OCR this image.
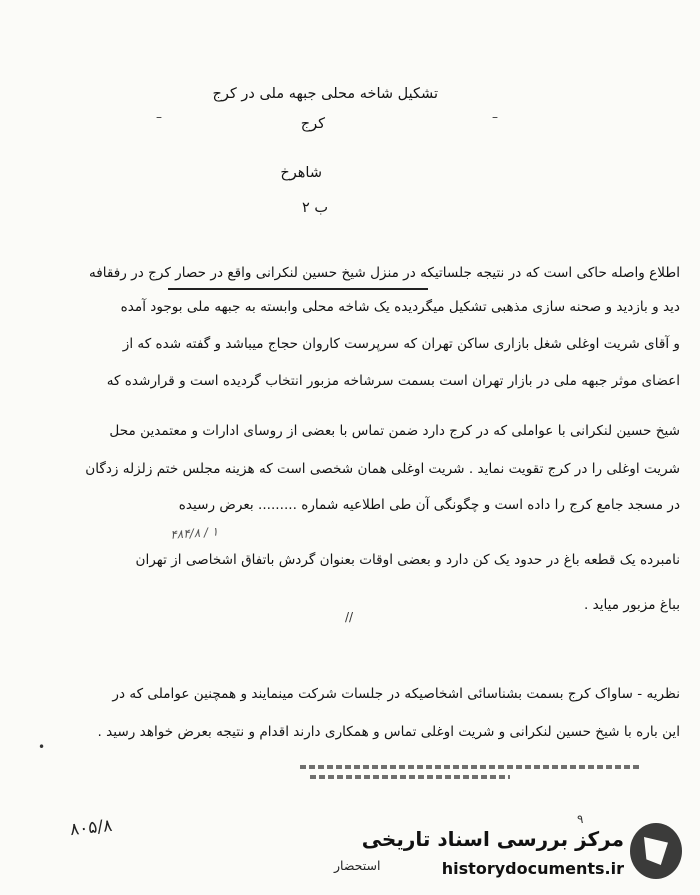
تشکیل شاخه محلی جبهه ملی در کرج
کرج
–	–
شاهرخ
ب ۲
اطلاع واصله حاکی است که در نتیجه جلساتیکه در منزل شیخ حسین لنکرانی واقع در حصار کرج در رفقافه
دید و بازدید و صحنه سازی مذهبی تشکیل میگردیده یک شاخه محلی وابسته به جبهه ملی بوجود آمده
و آقای شریت اوغلی شغل بازاری ساکن تهران که سرپرست کاروان حجاج میباشد و گفته شده که از
اعضای موثر جبهه ملی در بازار تهران است بسمت سرشاخه مزبور انتخاب گردیده است و قرارشده که
شیخ حسین لنکرانی با عواملی که در کرج دارد ضمن تماس با بعضی از روسای ادارات و معتمدین محل
شریت اوغلی را در کرج تقویت نماید . شریت اوغلی همان شخصی است که هزینه مجلس ختم زلزله زدگان
در مسجد جامع کرج را داده است و چگونگی آن طی اطلاعیه شماره ......... بعرض رسیده
۴۸۴/۸ / ۱
نامبرده یک قطعه باغ در حدود یک کن دارد و بعضی اوقات بعنوان گردش باتفاق اشخاصی از تهران
بباغ مزبور میاید .
//
نظریه - ساواک کرج بسمت بشناسائی اشخاصیکه در جلسات شرکت مینمایند و همچنین عواملی که در
این باره با شیخ حسین لنکرانی و شریت اوغلی تماس و همکاری دارند اقدام و نتیجه بعرض خواهد رسید .
•
٩
۸۰۵/۸
استحضار
مرکز بررسی اسناد تاریخی
historydocuments.ir
